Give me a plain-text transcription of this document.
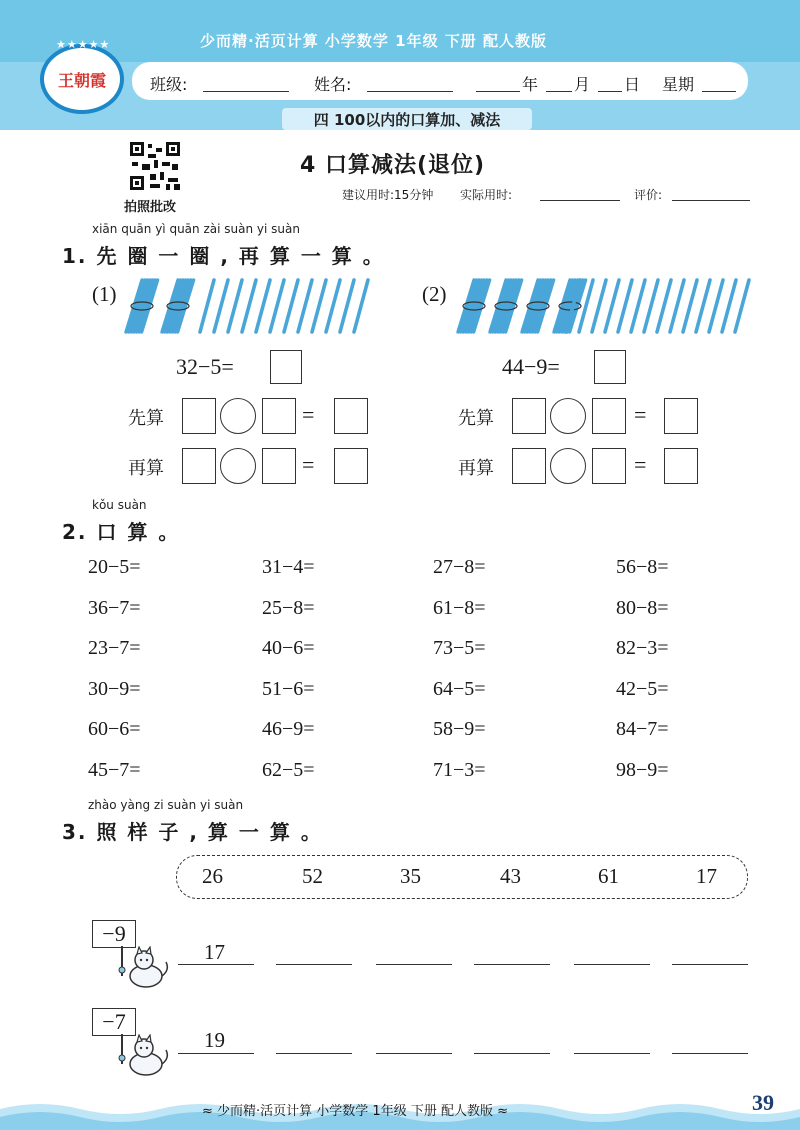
少而精·活页计算 小学数学 1年级 下册 配人教版
★★★★★
王朝霞	班级:	姓名:	年 月 日 星期
四 100以内的口算加、减法
拍照批改
4 口算减法(退位)
建议用时:15分钟 实际用时:	评价:
xiān quān yì quān zài suàn yi suàn
1. 先 圈 一 圈 , 再 算 一 算 。
(1)
32−5=
先算	=
再算	=
(2)
44−9=
先算	=
再算	=
kǒu suàn
2. 口 算 。
20−5=	31−4=	27−8=	56−8=
36−7=	25−8=	61−8=	80−8=
23−7=	40−6=	73−5=	82−3=
30−9=	51−6=	64−5=	42−5=
60−6=	46−9=	58−9=	84−7=
45−7=	62−5=	71−3=	98−9=
zhào yàng zi suàn yi suàn
3. 照 样 子 , 算 一 算 。
26	52	35	43	61	17
−9
17
−7
19
≈ 少而精·活页计算 小学数学 1年级 下册 配人教版 ≈	39
